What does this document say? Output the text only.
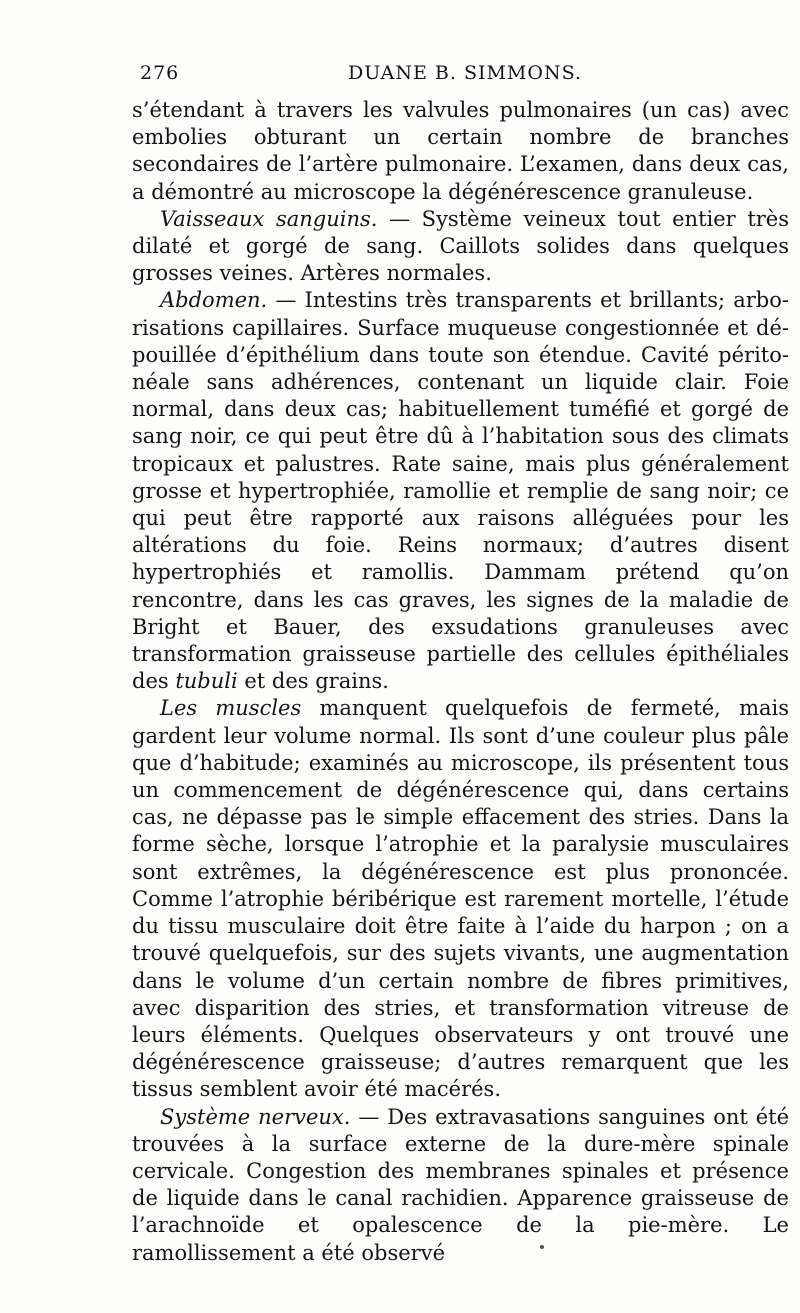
276	DUANE B. SIMMONS.

s’étendant à travers les valvules pulmonaires (un cas) avec embolies obturant un certain nombre de branches secondaires de l’artère pulmonaire. L’examen, dans deux cas, a démontré au microscope la dégénérescence granuleuse.

Vaisseaux sanguins. — Système veineux tout entier très dilaté et gorgé de sang. Caillots solides dans quelques grosses veines. Artères normales.

Abdomen. — Intestins très transparents et brillants; arborisations capillaires. Surface muqueuse congestionnée et dépouillée d’épithélium dans toute son étendue. Cavité péritonéale sans adhérences, contenant un liquide clair. Foie normal, dans deux cas; habituellement tuméfié et gorgé de sang noir, ce qui peut être dû à l’habitation sous des climats tropicaux et palustres. Rate saine, mais plus généralement grosse et hypertrophiée, ramollie et remplie de sang noir; ce qui peut être rapporté aux raisons alléguées pour les altérations du foie. Reins normaux; d’autres disent hypertrophiés et ramollis. Dammam prétend qu’on rencontre, dans les cas graves, les signes de la maladie de Bright et Bauer, des exsudations granuleuses avec transformation graisseuse partielle des cellules épithéliales des tubuli et des grains.

Les muscles manquent quelquefois de fermeté, mais gardent leur volume normal. Ils sont d’une couleur plus pâle que d’habitude; examinés au microscope, ils présentent tous un commencement de dégénérescence qui, dans certains cas, ne dépasse pas le simple effacement des stries. Dans la forme sèche, lorsque l’atrophie et la paralysie musculaires sont extrêmes, la dégénérescence est plus prononcée. Comme l’atrophie béribérique est rarement mortelle, l’étude du tissu musculaire doit être faite à l’aide du harpon ; on a trouvé quelquefois, sur des sujets vivants, une augmentation dans le volume d’un certain nombre de fibres primitives, avec disparition des stries, et transformation vitreuse de leurs éléments. Quelques observateurs y ont trouvé une dégénérescence graisseuse; d’autres remarquent que les tissus semblent avoir été macérés.

Système nerveux. — Des extravasations sanguines ont été trouvées à la surface externe de la dure-mère spinale cervicale. Congestion des membranes spinales et présence de liquide dans le canal rachidien. Apparence graisseuse de l’arachnoïde et opalescence de la pie-mère. Le ramollissement a été observé
